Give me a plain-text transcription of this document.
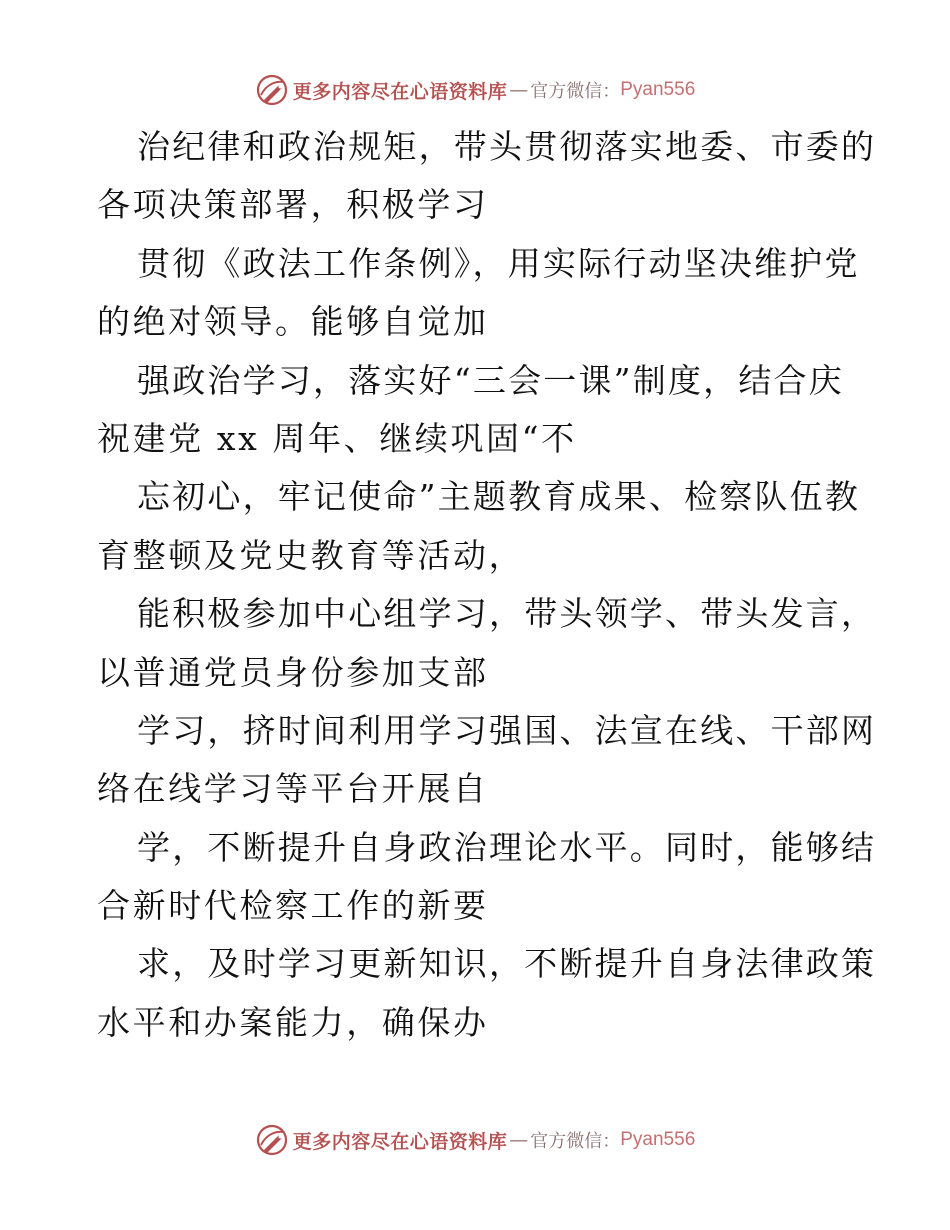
更多内容尽在心语资料库 — 官方微信： Pyan556
治纪律和政治规矩，带头贯彻落实地委、市委的
各项决策部署，积极学习
贯彻《政法工作条例》，用实际行动坚决维护党
的绝对领导。能够自觉加
强政治学习，落实好“三会一课”制度，结合庆
祝建党 xx 周年、继续巩固“不
忘初心，牢记使命”主题教育成果、检察队伍教
育整顿及党史教育等活动，
能积极参加中心组学习，带头领学、带头发言，
以普通党员身份参加支部
学习，挤时间利用学习强国、法宣在线、干部网
络在线学习等平台开展自
学，不断提升自身政治理论水平。同时，能够结
合新时代检察工作的新要
求，及时学习更新知识，不断提升自身法律政策
水平和办案能力，确保办
更多内容尽在心语资料库 — 官方微信： Pyan556
